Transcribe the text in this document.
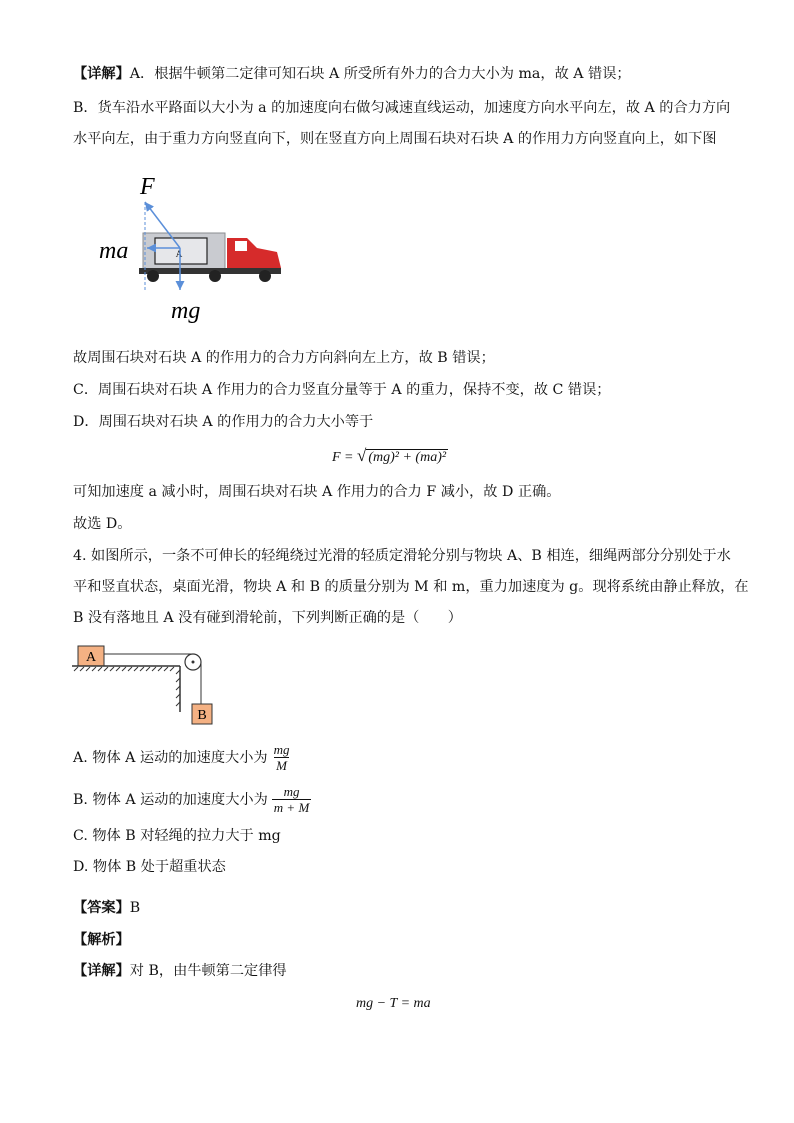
【详解】A．根据牛顿第二定律可知石块 A 所受所有外力的合力大小为 ma，故 A 错误；
B．货车沿水平路面以大小为 a 的加速度向右做匀减速直线运动，加速度方向水平向左，故 A 的合力方向
水平向左，由于重力方向竖直向下，则在竖直方向上周围石块对石块 A 的作用力方向竖直向上，如下图
A
F
ma
mg
故周围石块对石块 A 的作用力的合力方向斜向左上方，故 B 错误；
C．周围石块对石块 A 作用力的合力竖直分量等于 A 的重力，保持不变，故 C 错误；
D．周围石块对石块 A 的作用力的合力大小等于
F = √ (mg)² + (ma)²
可知加速度 a 减小时，周围石块对石块 A 作用力的合力 F 减小，故 D 正确。
故选 D。
4. 如图所示，一条不可伸长的轻绳绕过光滑的轻质定滑轮分别与物块 A、B 相连，细绳两部分分别处于水
平和竖直状态，桌面光滑，物块 A 和 B 的质量分别为 M 和 m，重力加速度为 g。现将系统由静止释放，在
B 没有落地且 A 没有碰到滑轮前，下列判断正确的是（　　）
A
B
A. 物体 A 运动的加速度大小为 $\frac{mg}{M}$
B. 物体 A 运动的加速度大小为 $\frac{mg}{m + M}$
C. 物体 B 对轻绳的拉力大于 mg
D. 物体 B 处于超重状态
【答案】B
【解析】
【详解】对 B，由牛顿第二定律得
mg − T = ma
